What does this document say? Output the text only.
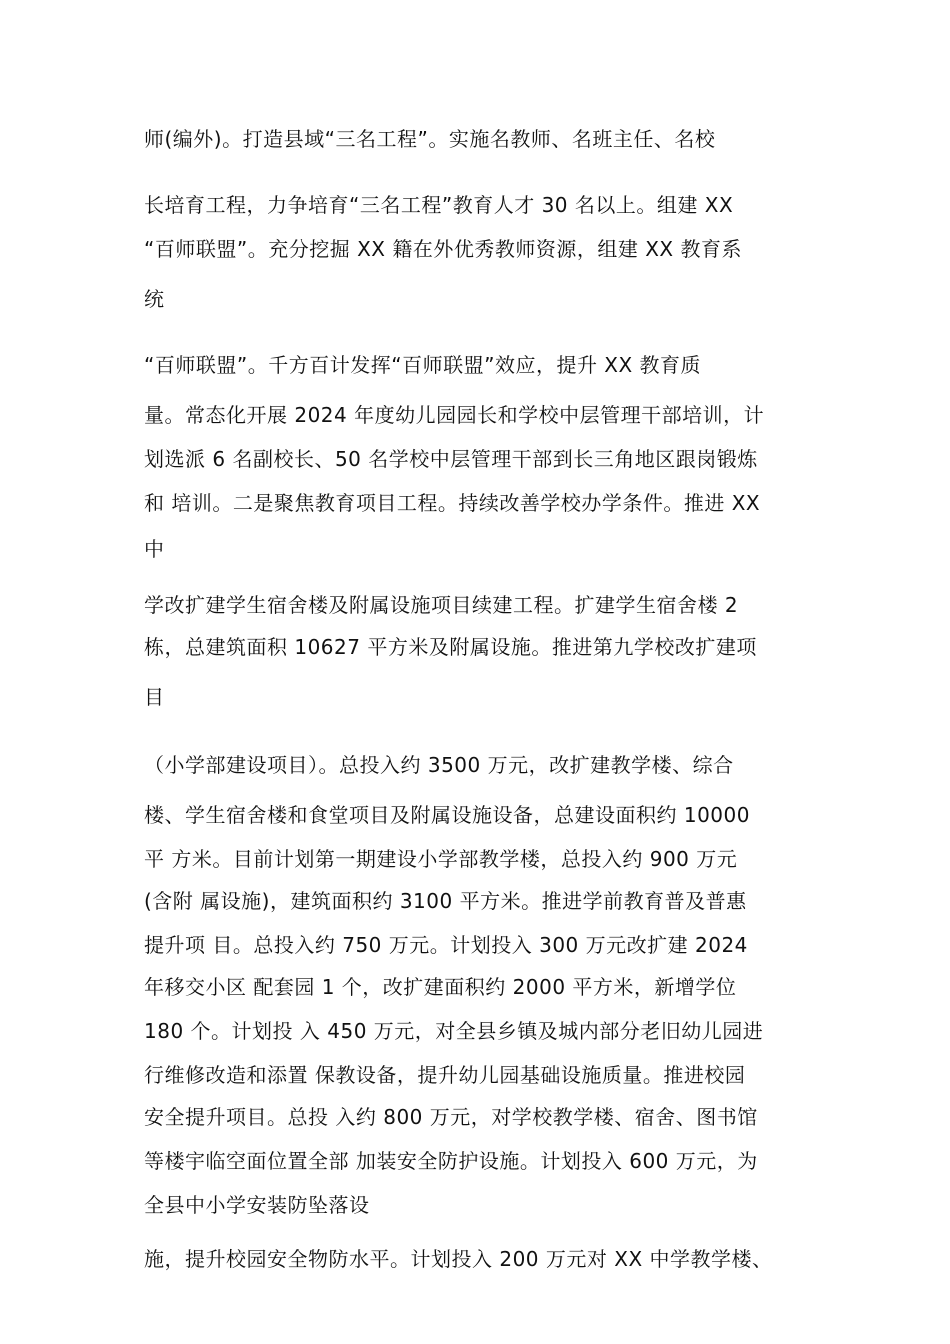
师(编外)。打造县域“三名工程”。实施名教师、名班主任、名校
长培育工程，力争培育“三名工程”教育人才 30 名以上。组建 XX
“百师联盟”。充分挖掘 XX 籍在外优秀教师资源，组建 XX 教育系
统
“百师联盟”。千方百计发挥“百师联盟”效应，提升 XX 教育质
量。常态化开展 2024 年度幼儿园园长和学校中层管理干部培训，计
划选派 6 名副校长、50 名学校中层管理干部到长三角地区跟岗锻炼
和 培训。二是聚焦教育项目工程。持续改善学校办学条件。推进 XX
中
学改扩建学生宿舍楼及附属设施项目续建工程。扩建学生宿舍楼 2
栋，总建筑面积 10627 平方米及附属设施。推进第九学校改扩建项
目
（小学部建设项目）。总投入约 3500 万元，改扩建教学楼、综合
楼、学生宿舍楼和食堂项目及附属设施设备，总建设面积约 10000
平 方米。目前计划第一期建设小学部教学楼，总投入约 900 万元
(含附 属设施)，建筑面积约 3100 平方米。推进学前教育普及普惠
提升项 目。总投入约 750 万元。计划投入 300 万元改扩建 2024
年移交小区 配套园 1 个，改扩建面积约 2000 平方米，新增学位
180 个。计划投 入 450 万元，对全县乡镇及城内部分老旧幼儿园进
行维修改造和添置 保教设备，提升幼儿园基础设施质量。推进校园
安全提升项目。总投 入约 800 万元，对学校教学楼、宿舍、图书馆
等楼宇临空面位置全部 加装安全防护设施。计划投入 600 万元，为
全县中小学安装防坠落设
施，提升校园安全物防水平。计划投入 200 万元对 XX 中学教学楼、
